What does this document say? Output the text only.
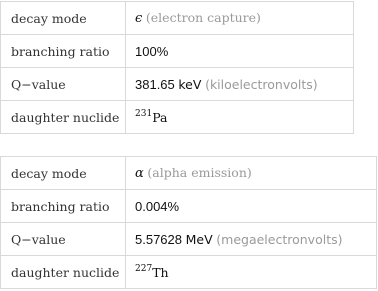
decay mode	ϵ (electron capture)
branching ratio	100%
Q−value	381.65 keV (kiloelectronvolts)
daughter nuclide	$^{231}$Pa
decay mode	α (alpha emission)
branching ratio	0.004%
Q−value	5.57628 MeV (megaelectronvolts)
daughter nuclide	$^{227}$Th
